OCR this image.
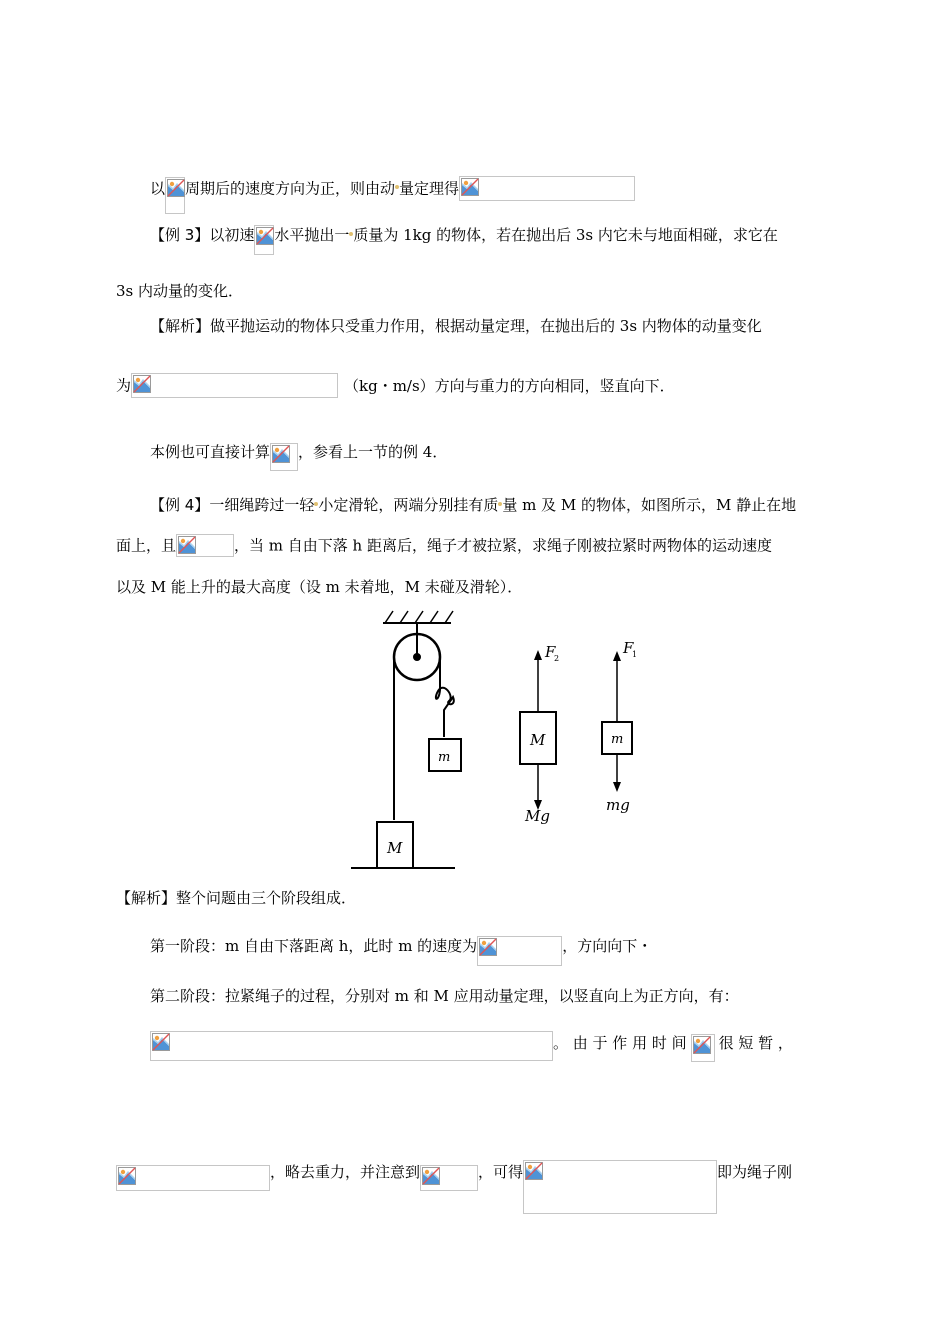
以 周期后的速度方向为正，则由动 量定理得
【例 3】以初速 水平抛出一 质量为 1kg 的物体，若在抛出后 3s 内它未与地面相碰，求它在
3s 内动量的变化．
【解析】做平抛运动的物体只受重力作用，根据动量定理，在抛出后的 3s 内物体的动量变化
为	（kg・m/s）方向与重力的方向相同，竖直向下．
本例也可直接计算 ，参看上一节的例 4．
【例 4】一细绳跨过一轻 小定滑轮，两端分别挂有质 量 m 及 M 的物体，如图所示，M 静止在地
面上，且	，当 m 自由下落 h 距离后，绳子才被拉紧，求绳子刚被拉紧时两物体的运动速度
以及 M 能上升的最大高度（设 m 未着地，M 未碰及滑轮）．
M
m
M	m
F
2
F
1
Mg
mg
【解析】整个问题由三个阶段组成．
第一阶段：m 自由下落距离 h，此时 m 的速度为	，方向向下・
第二阶段：拉紧绳子的过程，分别对 m 和 M 应用动量定理，以竖直向上为正方向，有：
。 由 于 作 用 时 间 很 短 暂 ，
，略去重力，并注意到	，可得	即为绳子刚
